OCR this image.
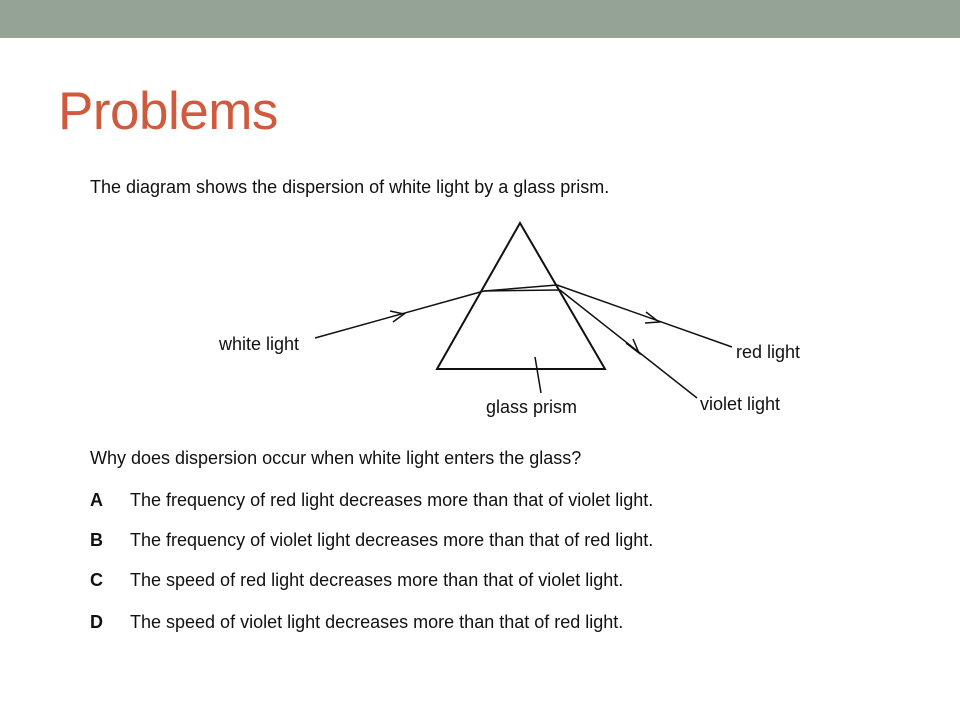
Problems
The diagram shows the dispersion of white light by a glass prism.
white light
glass prism
red light
violet light
Why does dispersion occur when white light enters the glass?
A The frequency of red light decreases more than that of violet light.
B The frequency of violet light decreases more than that of red light.
C The speed of red light decreases more than that of violet light.
D The speed of violet light decreases more than that of red light.
